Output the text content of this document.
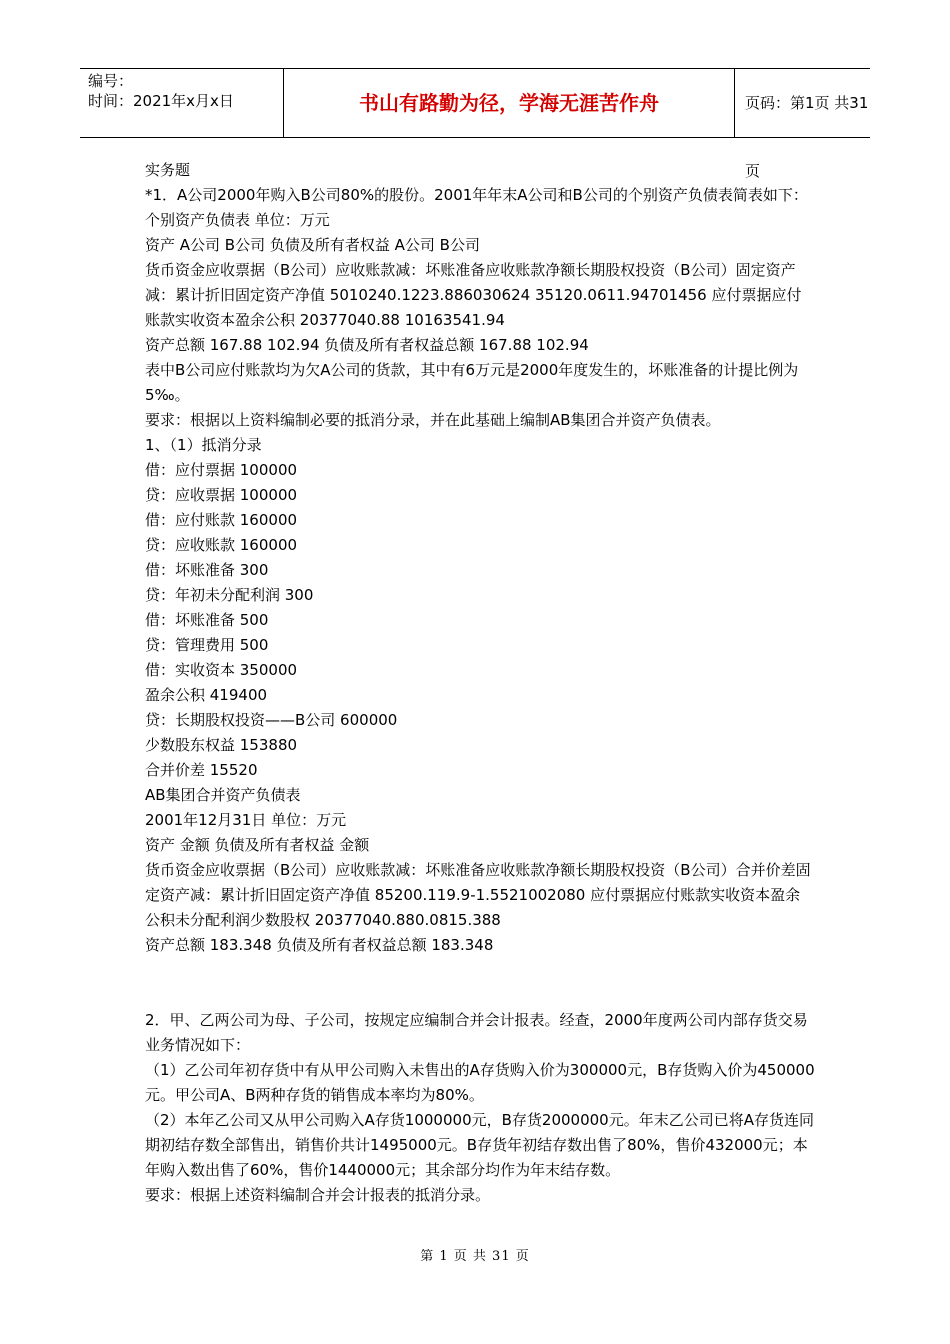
编号：
时间：2021年x月x日	书山有路勤为径，学海无涯苦作舟	页码：第1页 共31页

实务题

*1．A公司2000年购入B公司80%的股份。2001年年末A公司和B公司的个别资产负债表简表如下：

个别资产负债表 单位：万元

资产 A公司 B公司 负债及所有者权益 A公司 B公司

货币资金应收票据（B公司）应收账款减：坏账准备应收账款净额长期股权投资（B公司）固定资产减：累计折旧固定资产净值 5010240.1223.886030624 35120.0611.94701456 应付票据应付账款实收资本盈余公积 20377040.88 10163541.94

资产总额 167.88 102.94 负债及所有者权益总额 167.88 102.94

表中B公司应付账款均为欠A公司的货款，其中有6万元是2000年度发生的，坏账准备的计提比例为5‰。

要求：根据以上资料编制必要的抵消分录，并在此基础上编制AB集团合并资产负债表。

1、（1）抵消分录

借：应付票据 100000

贷：应收票据 100000

借：应付账款 160000

贷：应收账款 160000

借：坏账准备 300

贷：年初未分配利润 300

借：坏账准备 500

贷：管理费用 500

借：实收资本 350000

盈余公积 419400

贷：长期股权投资——B公司 600000

少数股东权益 153880

合并价差 15520

AB集团合并资产负债表

2001年12月31日 单位：万元

资产 金额 负债及所有者权益 金额

货币资金应收票据（B公司）应收账款减：坏账准备应收账款净额长期股权投资（B公司）合并价差固定资产减：累计折旧固定资产净值 85200.119.9-1.5521002080 应付票据应付账款实收资本盈余公积未分配利润少数股权 20377040.880.0815.388

资产总额 183.348 负债及所有者权益总额 183.348

2．甲、乙两公司为母、子公司，按规定应编制合并会计报表。经查，2000年度两公司内部存货交易业务情况如下：

（1）乙公司年初存货中有从甲公司购入未售出的A存货购入价为300000元，B存货购入价为450000元。甲公司A、B两种存货的销售成本率均为80%。

（2）本年乙公司又从甲公司购入A存货1000000元，B存货2000000元。年末乙公司已将A存货连同期初结存数全部售出，销售价共计1495000元。B存货年初结存数出售了80%，售价432000元；本年购入数出售了60%，售价1440000元；其余部分均作为年末结存数。

要求：根据上述资料编制合并会计报表的抵消分录。

第 1 页 共 31 页
